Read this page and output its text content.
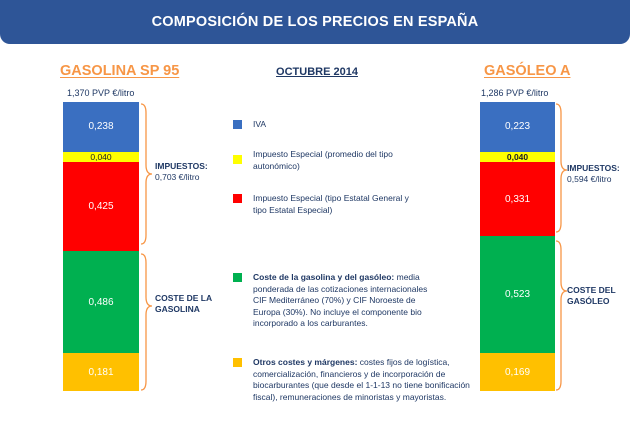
COMPOSICIÓN DE LOS PRECIOS EN ESPAÑA
GASOLINA SP 95	GASÓLEO A
OCTUBRE 2014
1,370 PVP €/litro	1,286 PVP €/litro
0,181
0,486
0,425
0,040
0,238
0,169
0,523
0,331
0,040
0,223
IMPUESTOS:
0,703 €/litro
COSTE DE LA GASOLINA
IMPUESTOS:
0,594 €/litro
COSTE DEL GASÓLEO
IVA
Impuesto Especial (promedio del tipo autonómico)
Impuesto Especial (tipo Estatal General y tipo Estatal Especial)
Coste de la gasolina y del gasóleo: media ponderada de las cotizaciones internacionales CIF Mediterráneo (70%) y CIF Noroeste de Europa (30%). No incluye el componente bio incorporado a los carburantes.
Otros costes y márgenes: costes fijos de logística, comercialización, financieros y de incorporación de biocarburantes (que desde el 1-1-13 no tiene bonificación fiscal), remuneraciones de minoristas y mayoristas.
